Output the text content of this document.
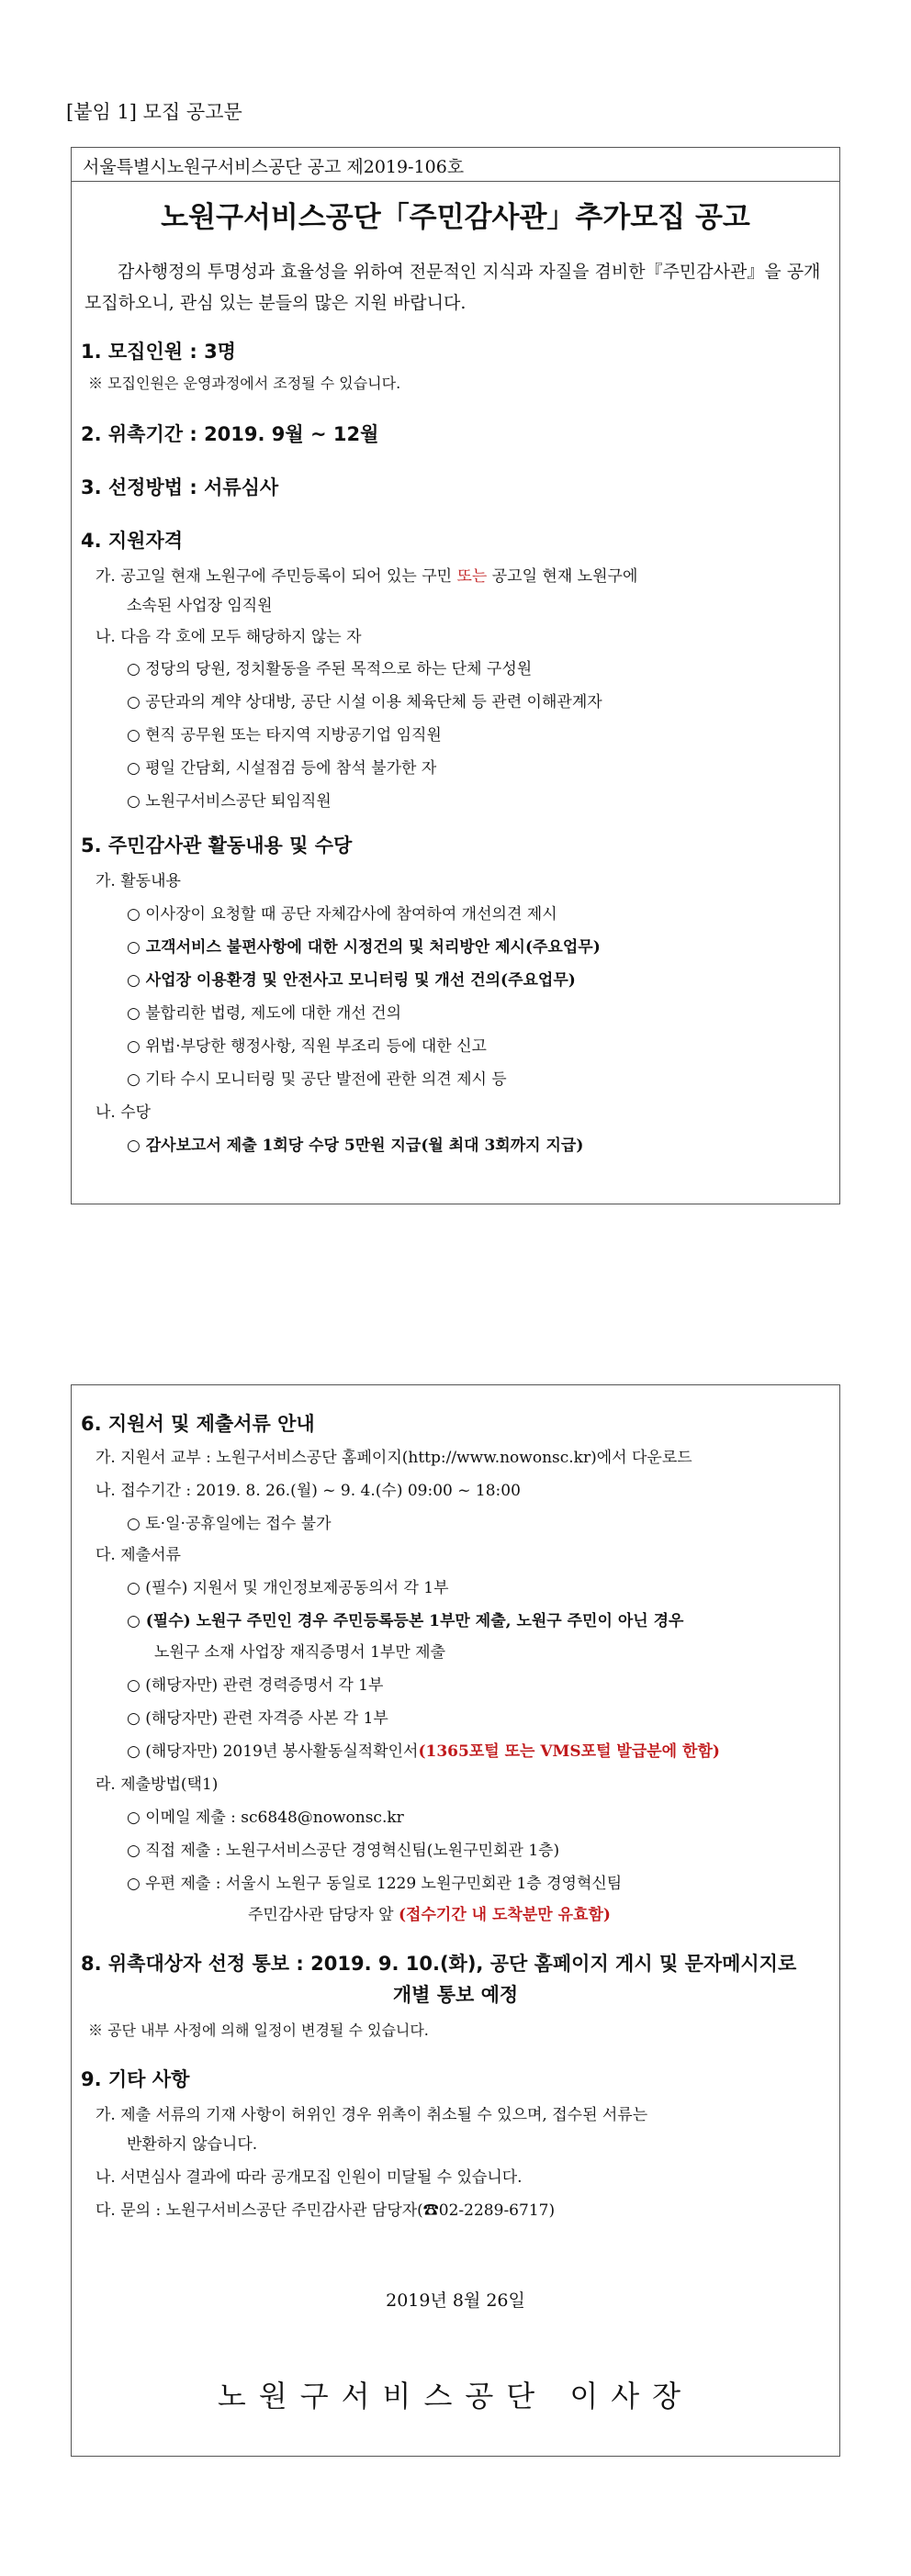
[붙임 1] 모집 공고문
서울특별시노원구서비스공단 공고 제2019-106호
노원구서비스공단「주민감사관」추가모집 공고
감사행정의 투명성과 효율성을 위하여 전문적인 지식과 자질을 겸비한『주민감사관』을 공개 모집하오니, 관심 있는 분들의 많은 지원 바랍니다.
1. 모집인원 : 3명
※ 모집인원은 운영과정에서 조정될 수 있습니다.
2. 위촉기간 : 2019. 9월 ~ 12월
3. 선정방법 : 서류심사
4. 지원자격
가. 공고일 현재 노원구에 주민등록이 되어 있는 구민 또는 공고일 현재 노원구에
소속된 사업장 임직원
나. 다음 각 호에 모두 해당하지 않는 자
○ 정당의 당원, 정치활동을 주된 목적으로 하는 단체 구성원
○ 공단과의 계약 상대방, 공단 시설 이용 체육단체 등 관련 이해관계자
○ 현직 공무원 또는 타지역 지방공기업 임직원
○ 평일 간담회, 시설점검 등에 참석 불가한 자
○ 노원구서비스공단 퇴임직원
5. 주민감사관 활동내용 및 수당
가. 활동내용
○ 이사장이 요청할 때 공단 자체감사에 참여하여 개선의견 제시
○ 고객서비스 불편사항에 대한 시정건의 및 처리방안 제시(주요업무)
○ 사업장 이용환경 및 안전사고 모니터링 및 개선 건의(주요업무)
○ 불합리한 법령, 제도에 대한 개선 건의
○ 위법·부당한 행정사항, 직원 부조리 등에 대한 신고
○ 기타 수시 모니터링 및 공단 발전에 관한 의견 제시 등
나. 수당
○ 감사보고서 제출 1회당 수당 5만원 지급(월 최대 3회까지 지급)
6. 지원서 및 제출서류 안내
가. 지원서 교부 : 노원구서비스공단 홈페이지(http://www.nowonsc.kr)에서 다운로드
나. 접수기간 : 2019. 8. 26.(월) ~ 9. 4.(수) 09:00 ~ 18:00
○ 토·일·공휴일에는 접수 불가
다. 제출서류
○ (필수) 지원서 및 개인정보제공동의서 각 1부
○ (필수) 노원구 주민인 경우 주민등록등본 1부만 제출, 노원구 주민이 아닌 경우
노원구 소재 사업장 재직증명서 1부만 제출
○ (해당자만) 관련 경력증명서 각 1부
○ (해당자만) 관련 자격증 사본 각 1부
○ (해당자만) 2019년 봉사활동실적확인서(1365포털 또는 VMS포털 발급분에 한함)
라. 제출방법(택1)
○ 이메일 제출 : sc6848@nowonsc.kr
○ 직접 제출 : 노원구서비스공단 경영혁신팀(노원구민회관 1층)
○ 우편 제출 : 서울시 노원구 동일로 1229 노원구민회관 1층 경영혁신팀
주민감사관 담당자 앞 (접수기간 내 도착분만 유효함)
8. 위촉대상자 선정 통보 : 2019. 9. 10.(화), 공단 홈페이지 게시 및 문자메시지로
개별 통보 예정
※ 공단 내부 사정에 의해 일정이 변경될 수 있습니다.
9. 기타 사항
가. 제출 서류의 기재 사항이 허위인 경우 위촉이 취소될 수 있으며, 접수된 서류는
반환하지 않습니다.
나. 서면심사 결과에 따라 공개모집 인원이 미달될 수 있습니다.
다. 문의 : 노원구서비스공단 주민감사관 담당자(☎02-2289-6717)
2019년 8월 26일
노원구서비스공단 이사장
